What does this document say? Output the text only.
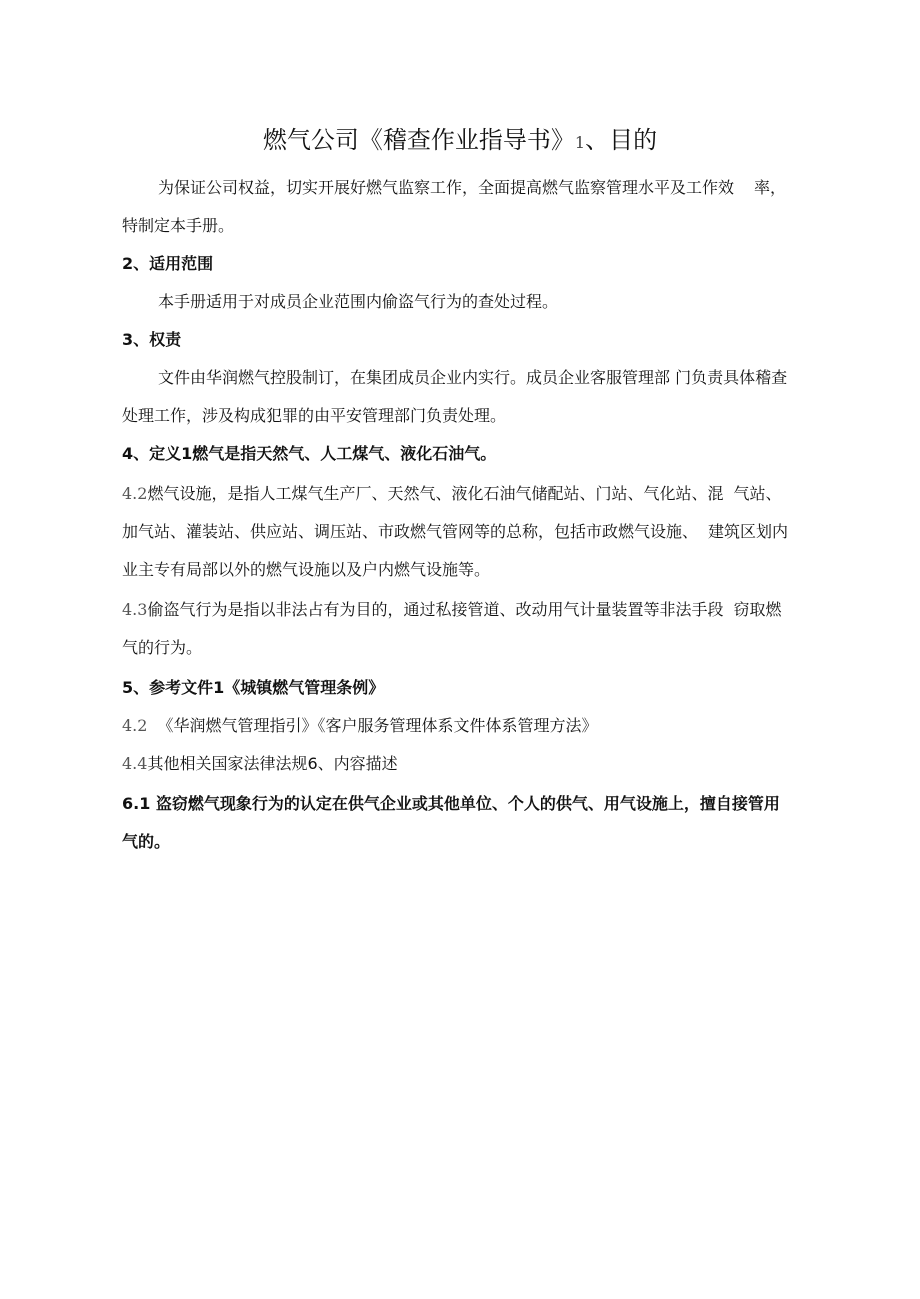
燃气公司《稽查作业指导书》1、目的
为保证公司权益，切实开展好燃气监察工作，全面提高燃气监察管理水平及工作效 率，
特制定本手册。
2、适用范围
本手册适用于对成员企业范围内偷盗气行为的查处过程。
3、权责
文件由华润燃气控股制订，在集团成员企业内实行。成员企业客服管理部 门负责具体稽查
处理工作，涉及构成犯罪的由平安管理部门负责处理。
4、定义1燃气是指天然气、人工煤气、液化石油气。
4.2燃气设施，是指人工煤气生产厂、天然气、液化石油气储配站、门站、气化站、混 气站、
加气站、灌装站、供应站、调压站、市政燃气管网等的总称，包括市政燃气设施、 建筑区划内
业主专有局部以外的燃气设施以及户内燃气设施等。
4.3偷盗气行为是指以非法占有为目的，通过私接管道、改动用气计量装置等非法手段 窃取燃
气的行为。
5、参考文件1《城镇燃气管理条例》
4.2 《华润燃气管理指引》《客户服务管理体系文件体系管理方法》
4.4其他相关国家法律法规6、内容描述
6.1 盗窃燃气现象行为的认定在供气企业或其他单位、个人的供气、用气设施上，擅自接管用
气的。
